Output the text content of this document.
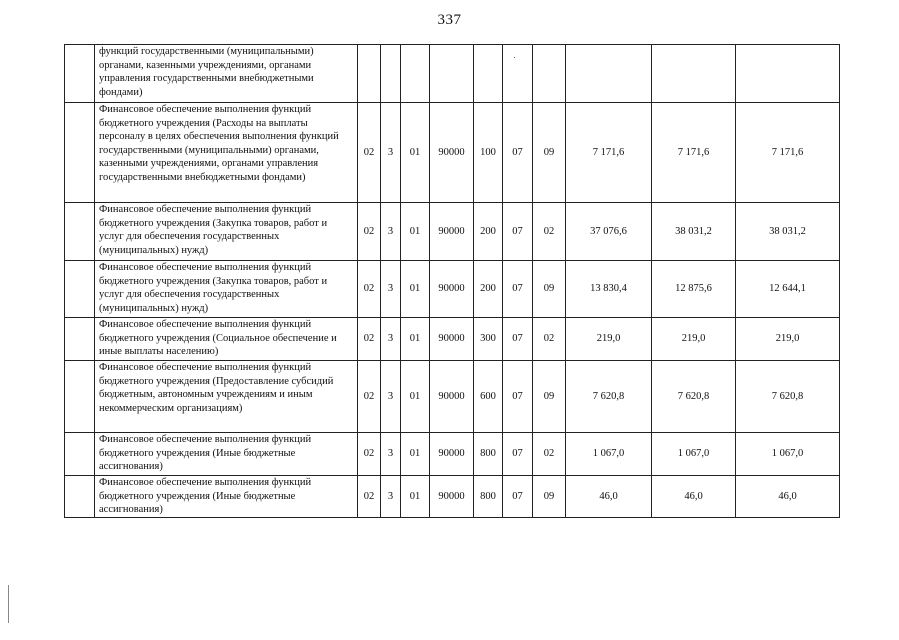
337
	функций государственными (муниципальными) органами, казенными учреждениями, органами управления государственными внебюджетными фондами)										
	Финансовое обеспечение выполнения функций бюджетного учреждения (Расходы на выплаты персоналу в целях обеспечения выполнения функций государственными (муниципальными) органами, казенными учреждениями, органами управления государственными внебюджетными фондами)	02	3	01	90000	100	07	09	7 171,6	7 171,6	7 171,6
	Финансовое обеспечение выполнения функций бюджетного учреждения (Закупка товаров, работ и услуг для обеспечения государственных (муниципальных) нужд)	02	3	01	90000	200	07	02	37 076,6	38 031,2	38 031,2
	Финансовое обеспечение выполнения функций бюджетного учреждения (Закупка товаров, работ и услуг для обеспечения государственных (муниципальных) нужд)	02	3	01	90000	200	07	09	13 830,4	12 875,6	12 644,1
	Финансовое обеспечение выполнения функций бюджетного учреждения (Социальное обеспечение и иные выплаты населению)	02	3	01	90000	300	07	02	219,0	219,0	219,0
	Финансовое обеспечение выполнения функций бюджетного учреждения (Предоставление субсидий бюджетным, автономным учреждениям и иным некоммерческим организациям)	02	3	01	90000	600	07	09	7 620,8	7 620,8	7 620,8
	Финансовое обеспечение выполнения функций бюджетного учреждения (Иные бюджетные ассигнования)	02	3	01	90000	800	07	02	1 067,0	1 067,0	1 067,0
	Финансовое обеспечение выполнения функций бюджетного учреждения (Иные бюджетные ассигнования)	02	3	01	90000	800	07	09	46,0	46,0	46,0
